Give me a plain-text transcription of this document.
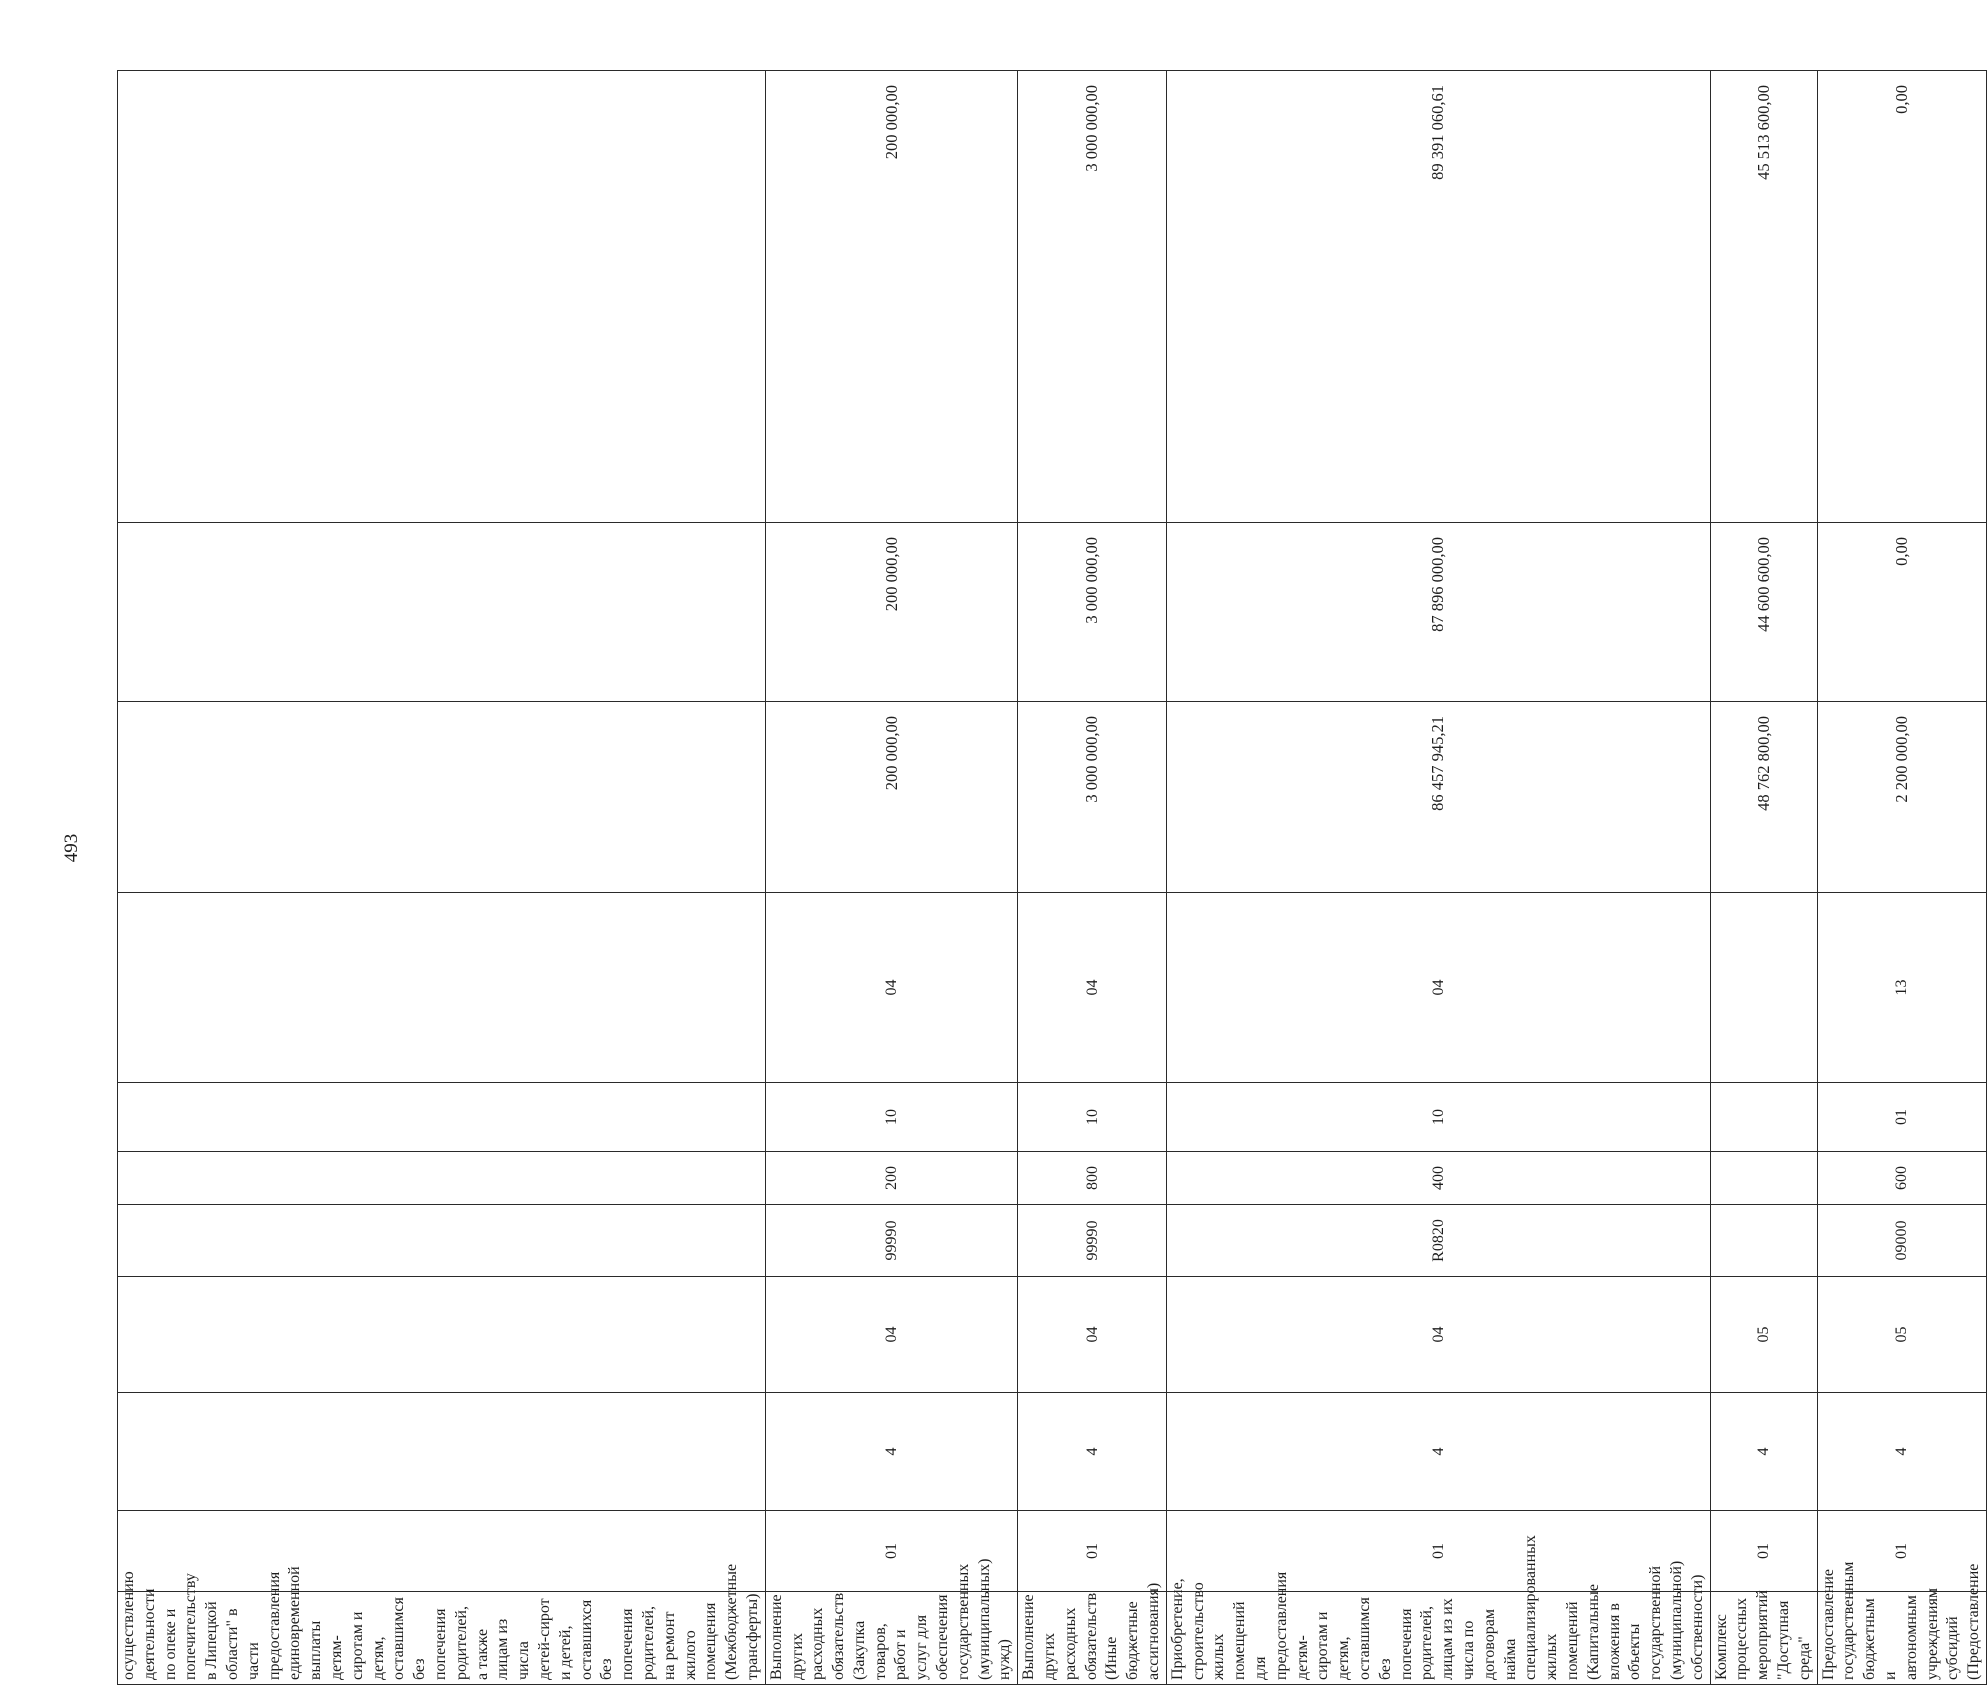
493
осуществлению деятельности по опеке и попечительству в Липецкой области" в части предоставления единовременной выплаты детям-сиротам и детям, оставшимся без попечения родителей, а также лицам из числа детей-сирот и детей, оставшихся без попечения родителей, на ремонт жилого помещения (Межбюджетные трансферты)										
Выполнение других расходных обязательств (Закупка товаров, работ и услуг для обеспечения государственных (муниципальных) нужд)	01	4	04	99990	200	10	04	200 000,00	200 000,00	200 000,00
Выполнение других расходных обязательств (Иные бюджетные ассигнования)	01	4	04	99990	800	10	04	3 000 000,00	3 000 000,00	3 000 000,00
Приобретение, строительство жилых помещений для предоставления детям-сиротам и детям, оставшимся без попечения родителей, лицам из их числа по договорам найма специализированных жилых помещений (Капитальные вложения в объекты государственной (муниципальной) собственности)	01	4	04	R0820	400	10	04	86 457 945,21	87 896 000,00	89 391 060,61
Комплекс процессных мероприятий "Доступная среда"	01	4	05					48 762 800,00	44 600 600,00	45 513 600,00
Предоставление государственным бюджетным и автономным учреждениям субсидий (Предоставление	01	4	05	09000	600	01	13	2 200 000,00	0,00	0,00
